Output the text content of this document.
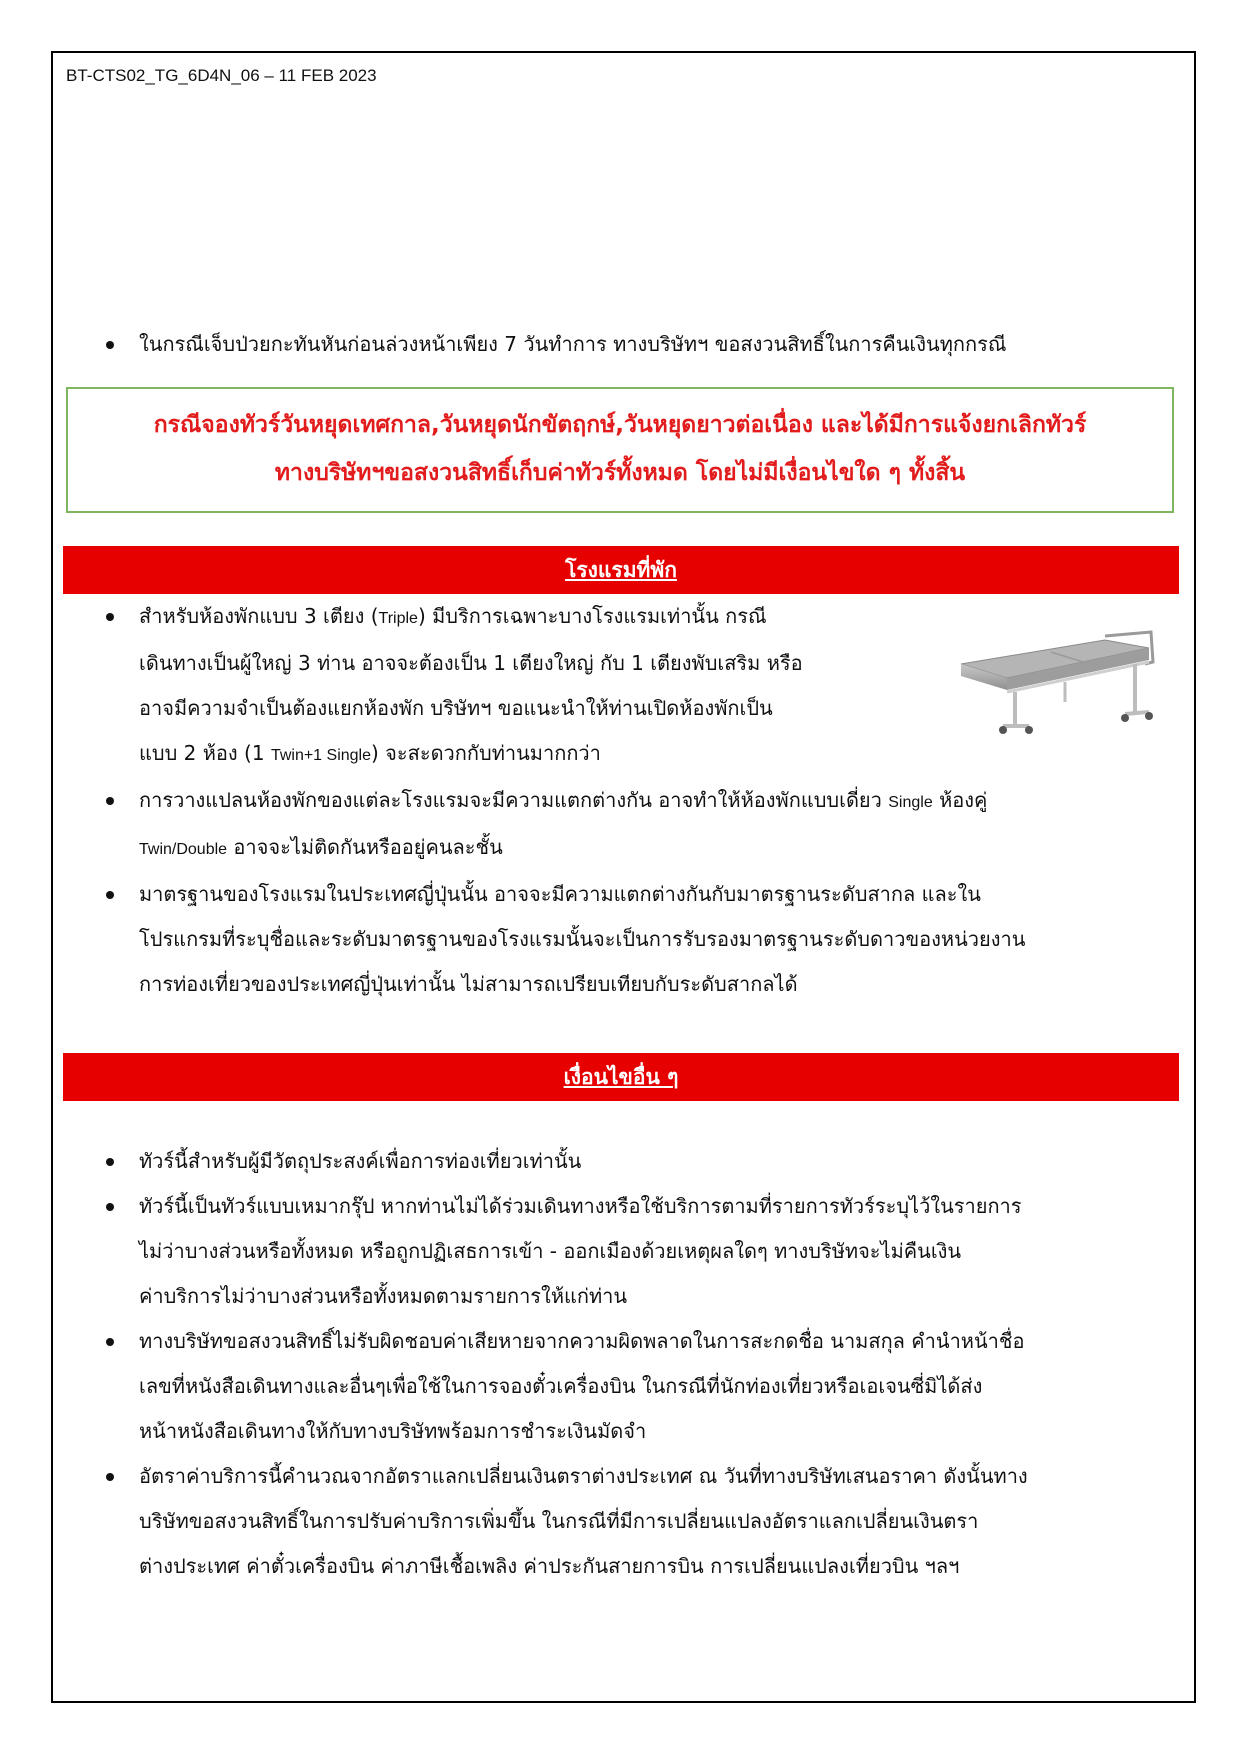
BT-CTS02_TG_6D4N_06 – 11 FEB 2023
ในกรณีเจ็บป่วยกะทันหันก่อนล่วงหน้าเพียง 7 วันทำการ ทางบริษัทฯ ขอสงวนสิทธิ์ในการคืนเงินทุกกรณี
กรณีจองทัวร์วันหยุดเทศกาล,วันหยุดนักขัตฤกษ์,วันหยุดยาวต่อเนื่อง และได้มีการแจ้งยกเลิกทัวร์
ทางบริษัทฯขอสงวนสิทธิ์เก็บค่าทัวร์ทั้งหมด โดยไม่มีเงื่อนไขใด ๆ ทั้งสิ้น
โรงแรมที่พัก
สำหรับห้องพักแบบ 3 เตียง (Triple) มีบริการเฉพาะบางโรงแรมเท่านั้น กรณี
เดินทางเป็นผู้ใหญ่ 3 ท่าน อาจจะต้องเป็น 1 เตียงใหญ่ กับ 1 เตียงพับเสริม หรือ
อาจมีความจำเป็นต้องแยกห้องพัก บริษัทฯ ขอแนะนำให้ท่านเปิดห้องพักเป็น
แบบ 2 ห้อง (1 Twin+1 Single) จะสะดวกกับท่านมากกว่า
การวางแปลนห้องพักของแต่ละโรงแรมจะมีความแตกต่างกัน อาจทำให้ห้องพักแบบเดี่ยว Single ห้องคู่
Twin/Double อาจจะไม่ติดกันหรืออยู่คนละชั้น
มาตรฐานของโรงแรมในประเทศญี่ปุ่นนั้น อาจจะมีความแตกต่างกันกับมาตรฐานระดับสากล และใน
โปรแกรมที่ระบุชื่อและระดับมาตรฐานของโรงแรมนั้นจะเป็นการรับรองมาตรฐานระดับดาวของหน่วยงาน
การท่องเที่ยวของประเทศญี่ปุ่นเท่านั้น ไม่สามารถเปรียบเทียบกับระดับสากลได้
เงื่อนไขอื่น ๆ
ทัวร์นี้สำหรับผู้มีวัตถุประสงค์เพื่อการท่องเที่ยวเท่านั้น
ทัวร์นี้เป็นทัวร์แบบเหมากรุ๊ป หากท่านไม่ได้ร่วมเดินทางหรือใช้บริการตามที่รายการทัวร์ระบุไว้ในรายการ
ไม่ว่าบางส่วนหรือทั้งหมด หรือถูกปฏิเสธการเข้า - ออกเมืองด้วยเหตุผลใดๆ ทางบริษัทจะไม่คืนเงิน
ค่าบริการไม่ว่าบางส่วนหรือทั้งหมดตามรายการให้แก่ท่าน
ทางบริษัทขอสงวนสิทธิ์ไม่รับผิดชอบค่าเสียหายจากความผิดพลาดในการสะกดชื่อ นามสกุล คำนำหน้าชื่อ
เลขที่หนังสือเดินทางและอื่นๆเพื่อใช้ในการจองตั๋วเครื่องบิน ในกรณีที่นักท่องเที่ยวหรือเอเจนซี่มิได้ส่ง
หน้าหนังสือเดินทางให้กับทางบริษัทพร้อมการชำระเงินมัดจำ
อัตราค่าบริการนี้คำนวณจากอัตราแลกเปลี่ยนเงินตราต่างประเทศ ณ วันที่ทางบริษัทเสนอราคา ดังนั้นทาง
บริษัทขอสงวนสิทธิ์ในการปรับค่าบริการเพิ่มขึ้น ในกรณีที่มีการเปลี่ยนแปลงอัตราแลกเปลี่ยนเงินตรา
ต่างประเทศ ค่าตั๋วเครื่องบิน ค่าภาษีเชื้อเพลิง ค่าประกันสายการบิน การเปลี่ยนแปลงเที่ยวบิน ฯลฯ
